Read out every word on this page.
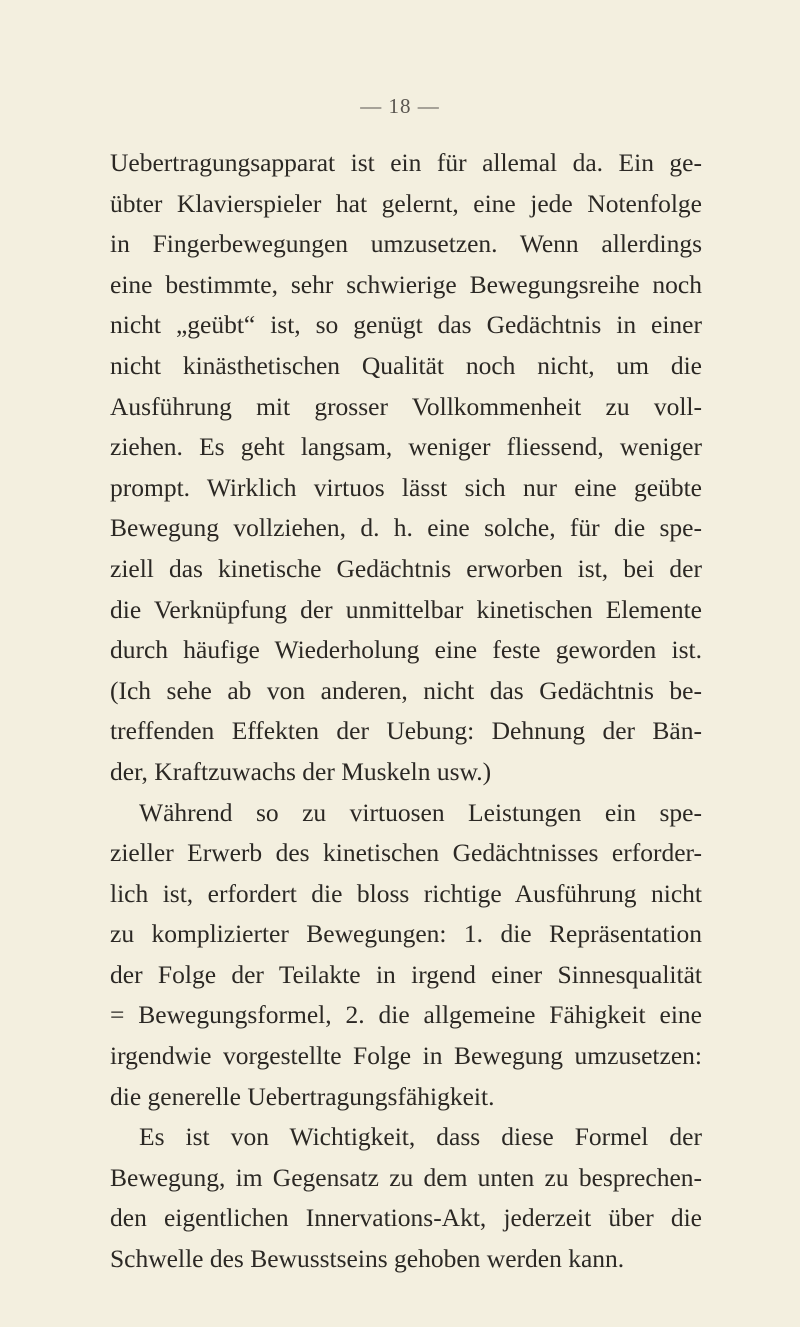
— 18 —
Uebertragungsapparat ist ein für allemal da. Ein ge-
übter Klavierspieler hat gelernt, eine jede Notenfolge
in Fingerbewegungen umzusetzen. Wenn allerdings
eine bestimmte, sehr schwierige Bewegungsreihe noch
nicht „geübt“ ist, so genügt das Gedächtnis in einer
nicht kinästhetischen Qualität noch nicht, um die
Ausführung mit grosser Vollkommenheit zu voll-
ziehen. Es geht langsam, weniger fliessend, weniger
prompt. Wirklich virtuos lässt sich nur eine geübte
Bewegung vollziehen, d. h. eine solche, für die spe-
ziell das kinetische Gedächtnis erworben ist, bei der
die Verknüpfung der unmittelbar kinetischen Elemente
durch häufige Wiederholung eine feste geworden ist.
(Ich sehe ab von anderen, nicht das Gedächtnis be-
treffenden Effekten der Uebung: Dehnung der Bän-
der, Kraftzuwachs der Muskeln usw.)
Während so zu virtuosen Leistungen ein spe-
zieller Erwerb des kinetischen Gedächtnisses erforder-
lich ist, erfordert die bloss richtige Ausführung nicht
zu komplizierter Bewegungen: 1. die Repräsentation
der Folge der Teilakte in irgend einer Sinnesqualität
= Bewegungsformel, 2. die allgemeine Fähigkeit eine
irgendwie vorgestellte Folge in Bewegung umzusetzen:
die generelle Uebertragungsfähigkeit.
Es ist von Wichtigkeit, dass diese Formel der
Bewegung, im Gegensatz zu dem unten zu besprechen-
den eigentlichen Innervations-Akt, jederzeit über die
Schwelle des Bewusstseins gehoben werden kann.
